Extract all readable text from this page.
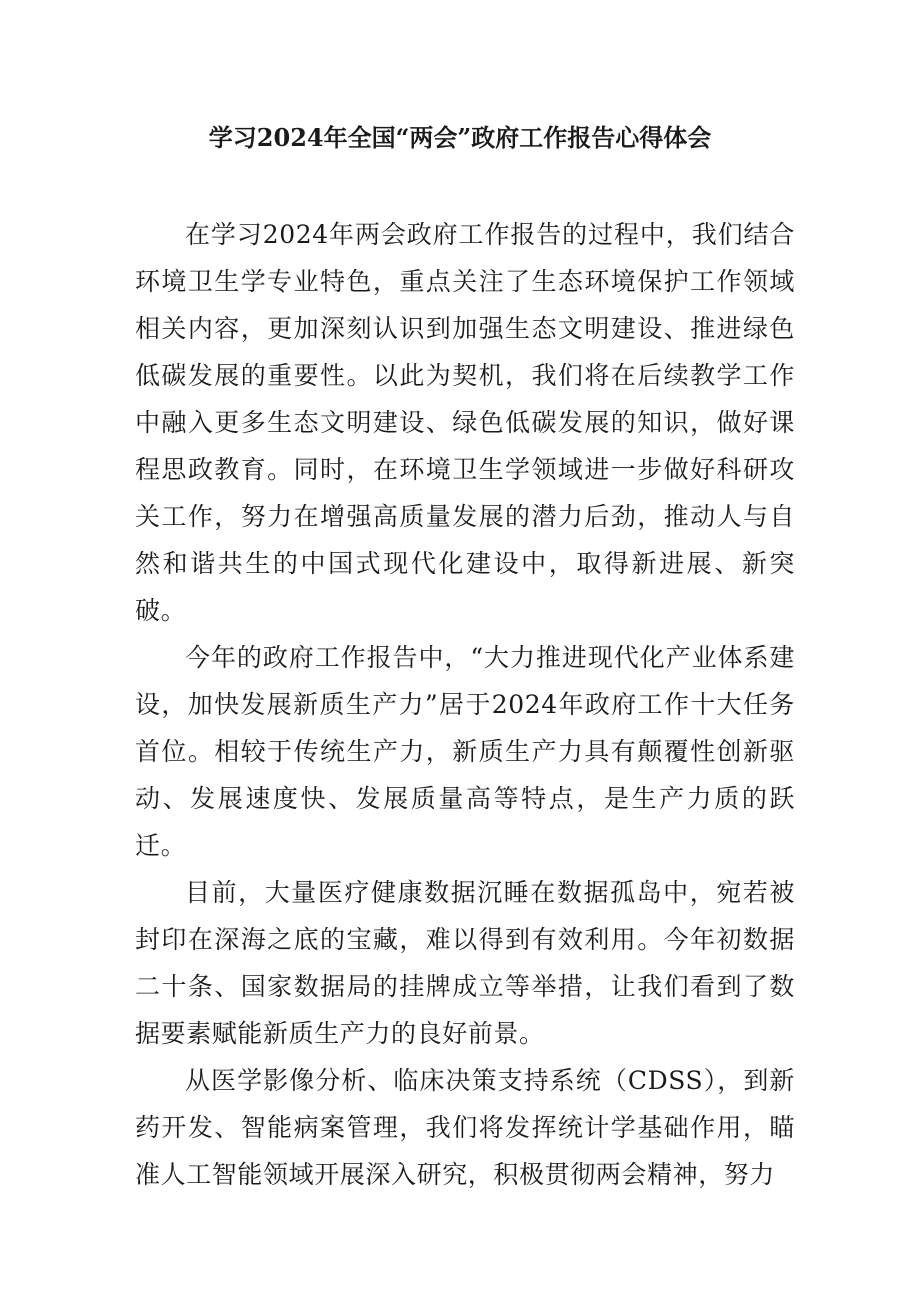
学习2024年全国“两会”政府工作报告心得体会

在学习2024年两会政府工作报告的过程中，我们结合环境卫生学专业特色，重点关注了生态环境保护工作领域相关内容，更加深刻认识到加强生态文明建设、推进绿色低碳发展的重要性。以此为契机，我们将在后续教学工作中融入更多生态文明建设、绿色低碳发展的知识，做好课程思政教育。同时，在环境卫生学领域进一步做好科研攻关工作，努力在增强高质量发展的潜力后劲，推动人与自然和谐共生的中国式现代化建设中，取得新进展、新突破。

今年的政府工作报告中，“大力推进现代化产业体系建设，加快发展新质生产力”居于2024年政府工作十大任务首位。相较于传统生产力，新质生产力具有颠覆性创新驱动、发展速度快、发展质量高等特点，是生产力质的跃迁。

目前，大量医疗健康数据沉睡在数据孤岛中，宛若被封印在深海之底的宝藏，难以得到有效利用。今年初数据二十条、国家数据局的挂牌成立等举措，让我们看到了数据要素赋能新质生产力的良好前景。

从医学影像分析、临床决策支持系统（CDSS），到新药开发、智能病案管理，我们将发挥统计学基础作用，瞄准人工智能领域开展深入研究，积极贯彻两会精神，努力
